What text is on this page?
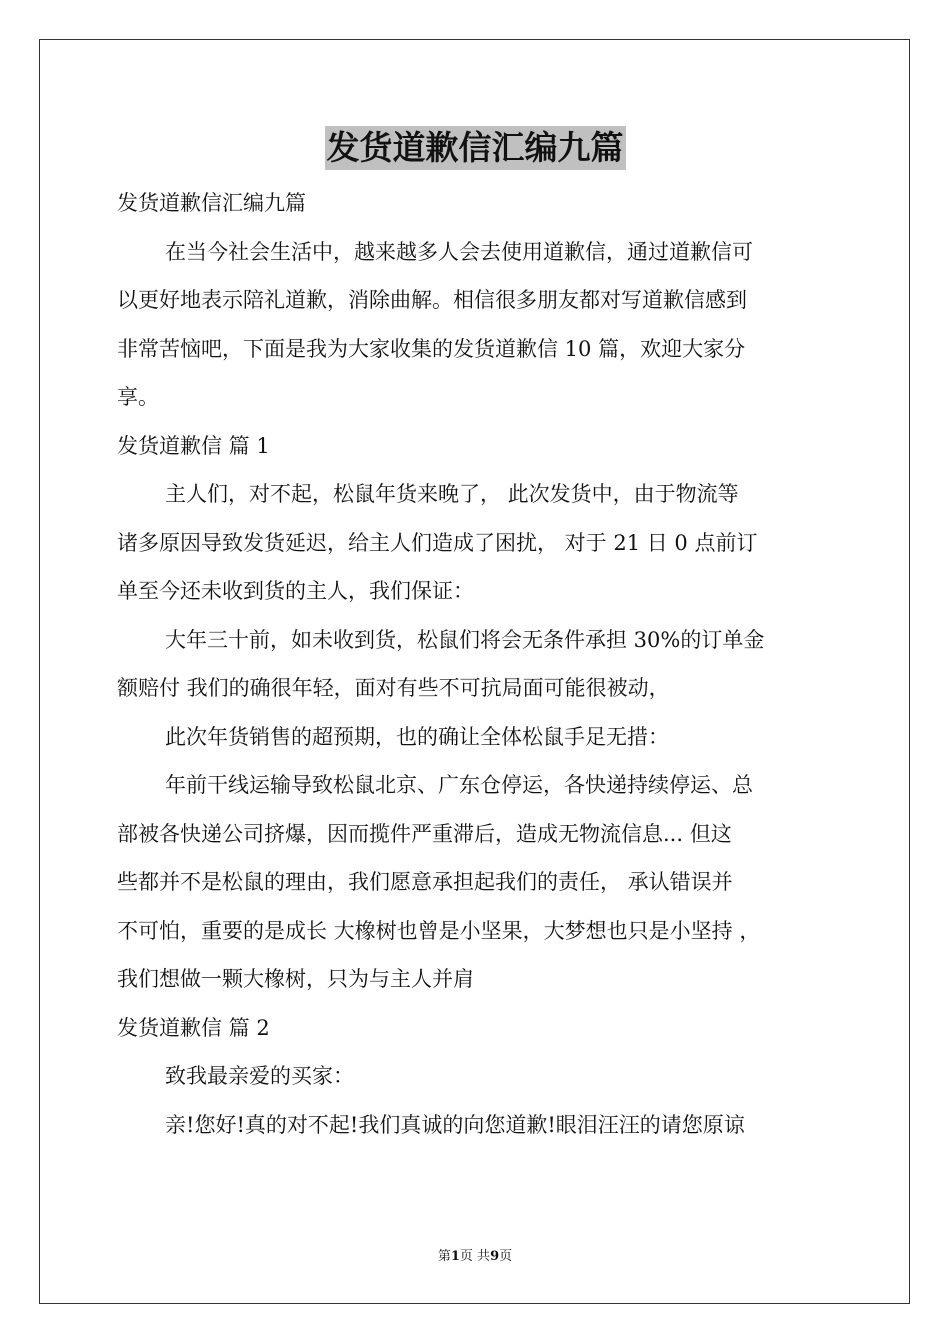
发货道歉信汇编九篇

发货道歉信汇编九篇

在当今社会生活中，越来越多人会去使用道歉信，通过道歉信可

以更好地表示陪礼道歉，消除曲解。相信很多朋友都对写道歉信感到

非常苦恼吧，下面是我为大家收集的发货道歉信 10 篇，欢迎大家分

享。

发货道歉信 篇 1

主人们，对不起，松鼠年货来晚了， 此次发货中，由于物流等

诸多原因导致发货延迟，给主人们造成了困扰， 对于 21 日 0 点前订

单至今还未收到货的主人，我们保证：

大年三十前，如未收到货，松鼠们将会无条件承担 30%的订单金

额赔付 我们的确很年轻，面对有些不可抗局面可能很被动，

此次年货销售的超预期，也的确让全体松鼠手足无措：

年前干线运输导致松鼠北京、广东仓停运，各快递持续停运、总

部被各快递公司挤爆，因而揽件严重滞后，造成无物流信息... 但这

些都并不是松鼠的理由，我们愿意承担起我们的责任， 承认错误并

不可怕，重要的是成长 大橡树也曾是小坚果，大梦想也只是小坚持 ，

我们想做一颗大橡树，只为与主人并肩

发货道歉信 篇 2

致我最亲爱的买家：

亲!您好!真的对不起!我们真诚的向您道歉!眼泪汪汪的请您原谅

第1页 共9页
